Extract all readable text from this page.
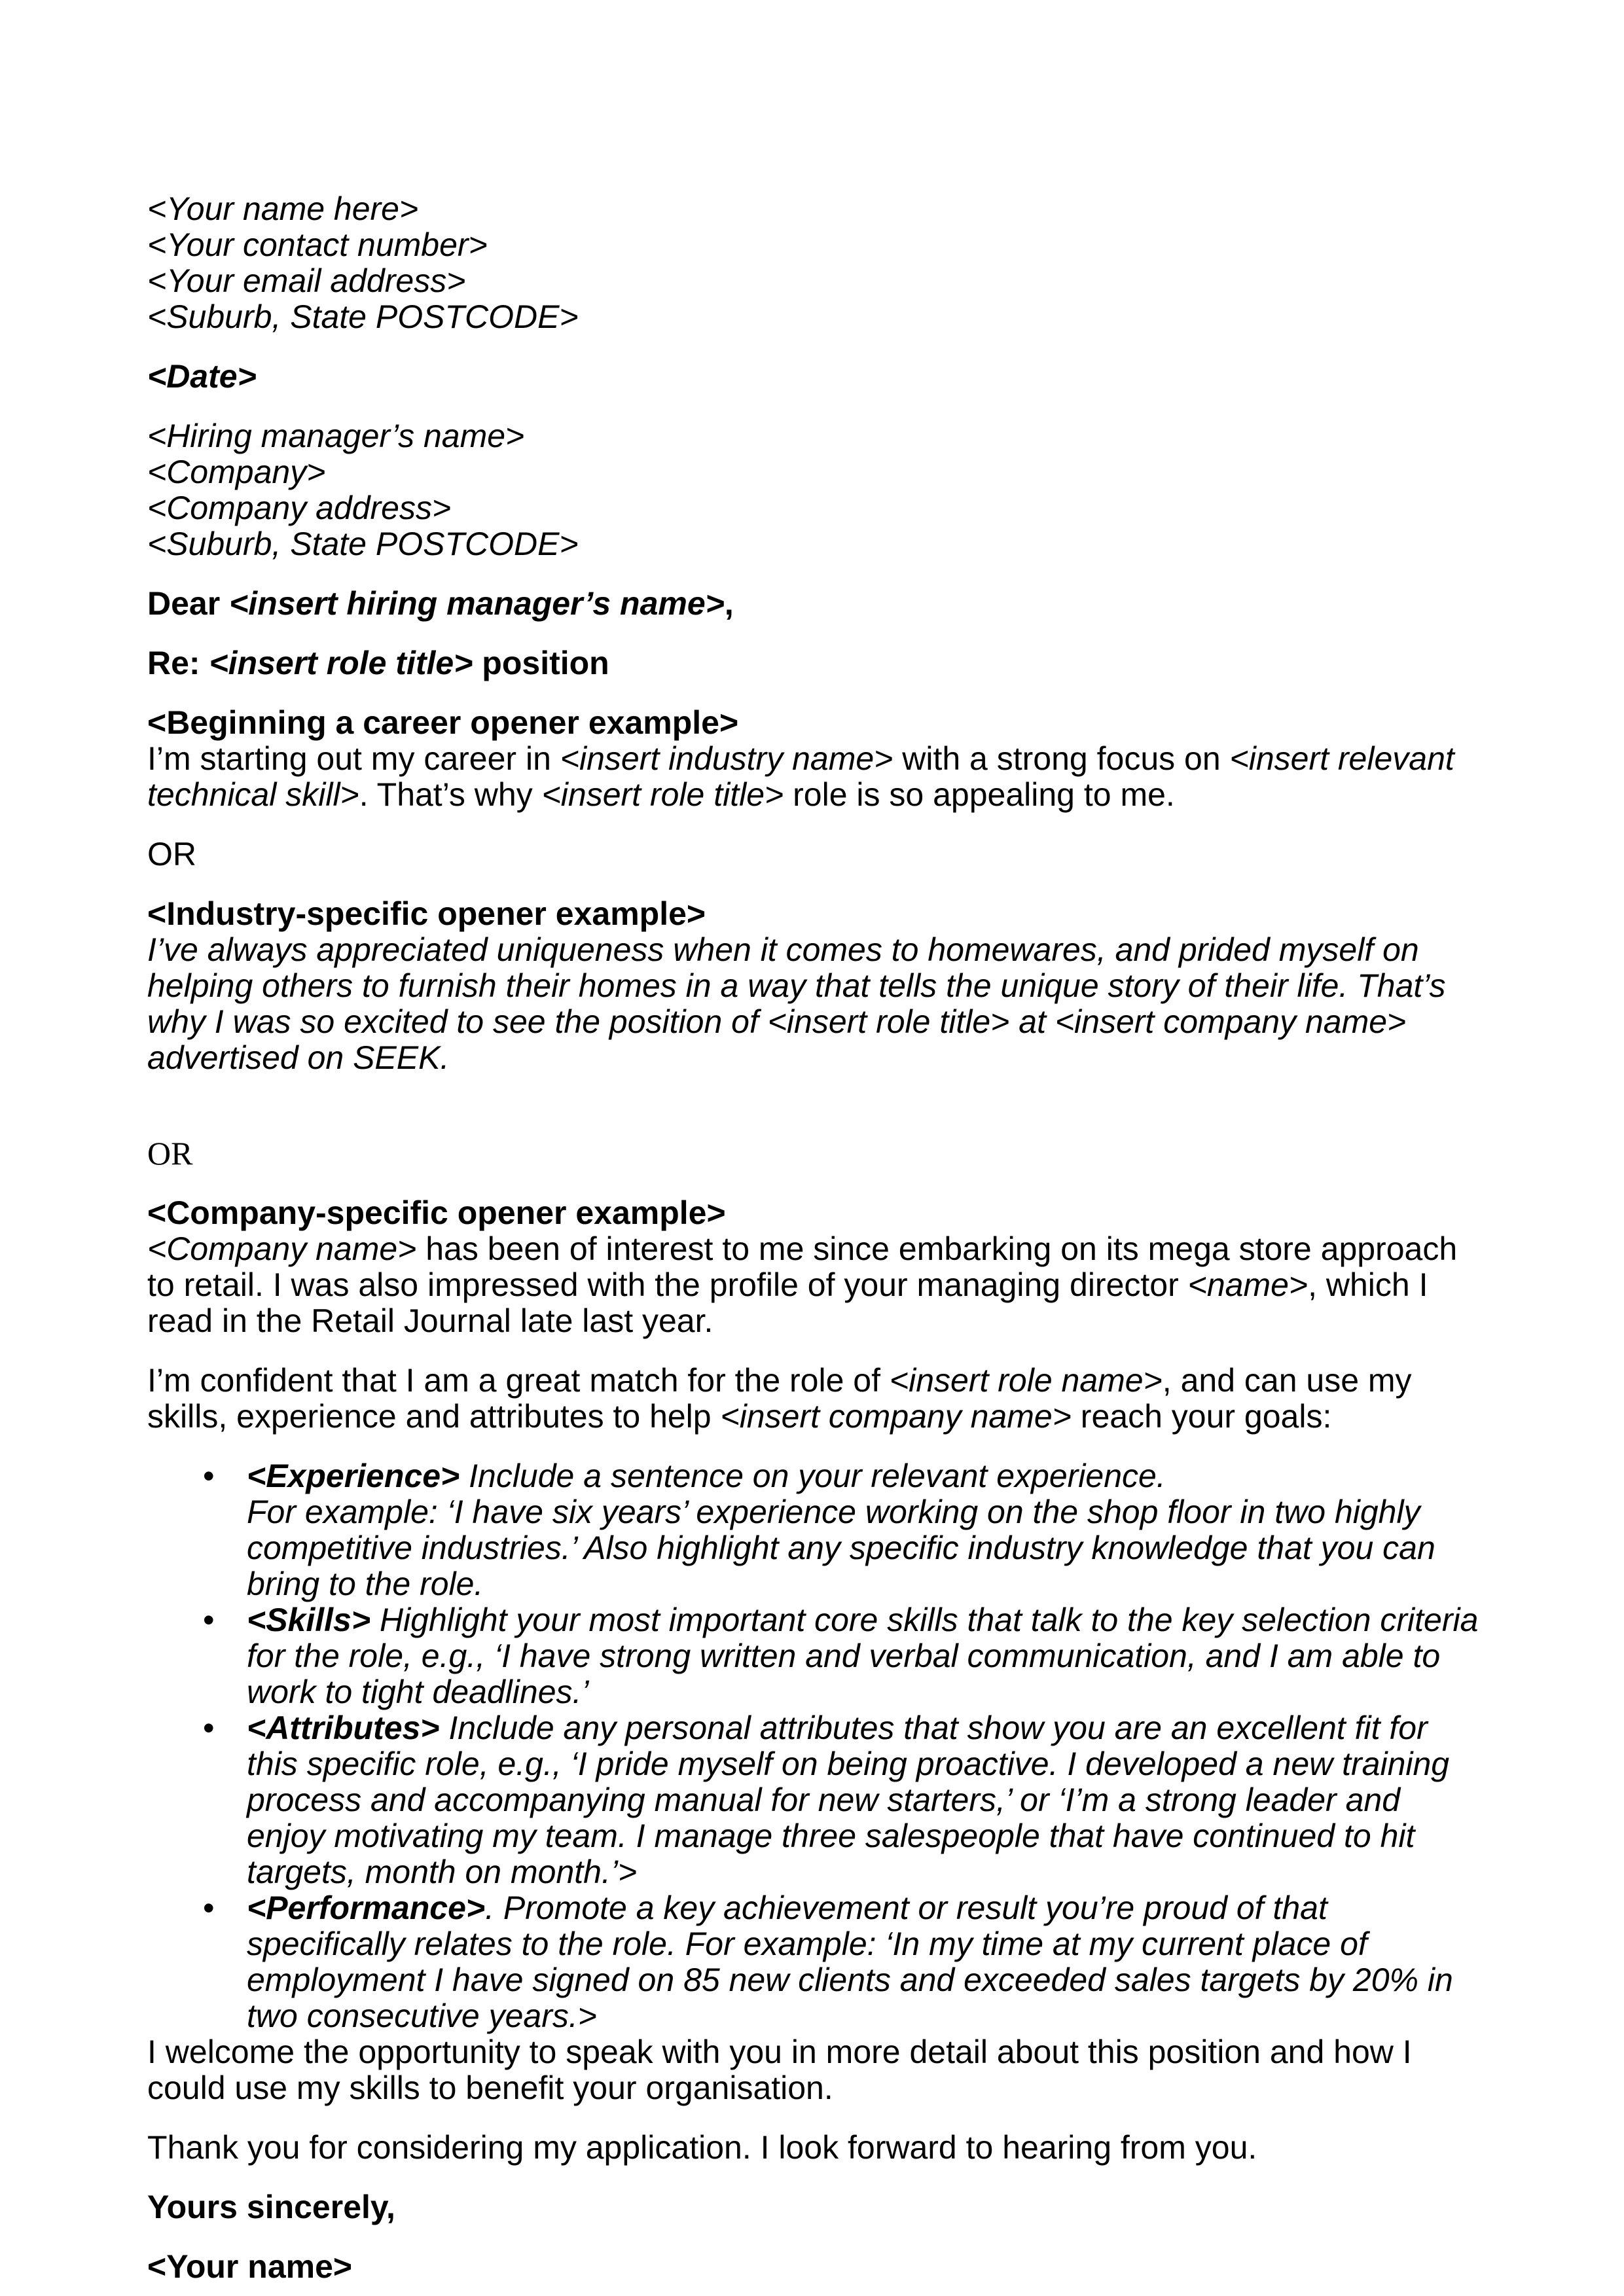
<Your name here>

<Your contact number>

<Your email address>

<Suburb, State POSTCODE>

<Date>

<Hiring manager’s name>

<Company>

<Company address>

<Suburb, State POSTCODE>

Dear <insert hiring manager’s name>,

Re: <insert role title> position

<Beginning a career opener example>

I’m starting out my career in <insert industry name> with a strong focus on <insert relevant technical skill>. That’s why <insert role title> role is so appealing to me.

OR

<Industry-specific opener example>

I’ve always appreciated uniqueness when it comes to homewares, and prided myself on helping others to furnish their homes in a way that tells the unique story of their life. That’s why I was so excited to see the position of <insert role title> at <insert company name> advertised on SEEK.

OR

<Company-specific opener example>

<Company name> has been of interest to me since embarking on its mega store approach to retail. I was also impressed with the profile of your managing director <name>, which I read in the Retail Journal late last year.

I’m confident that I am a great match for the role of <insert role name>, and can use my skills, experience and attributes to help <insert company name> reach your goals:

• <Experience> Include a sentence on your relevant experience.
For example: ‘I have six years’ experience working on the shop floor in two highly competitive industries.’ Also highlight any specific industry knowledge that you can bring to the role.
• <Skills> Highlight your most important core skills that talk to the key selection criteria for the role, e.g., ‘I have strong written and verbal communication, and I am able to work to tight deadlines.’
• <Attributes> Include any personal attributes that show you are an excellent fit for this specific role, e.g., ‘I pride myself on being proactive. I developed a new training process and accompanying manual for new starters,’ or ‘I’m a strong leader and enjoy motivating my team. I manage three salespeople that have continued to hit targets, month on month.’>
• <Performance>. Promote a key achievement or result you’re proud of that specifically relates to the role. For example: ‘In my time at my current place of employment I have signed on 85 new clients and exceeded sales targets by 20% in two consecutive years.>

I welcome the opportunity to speak with you in more detail about this position and how I could use my skills to benefit your organisation.

Thank you for considering my application. I look forward to hearing from you.

Yours sincerely,

<Your name>
